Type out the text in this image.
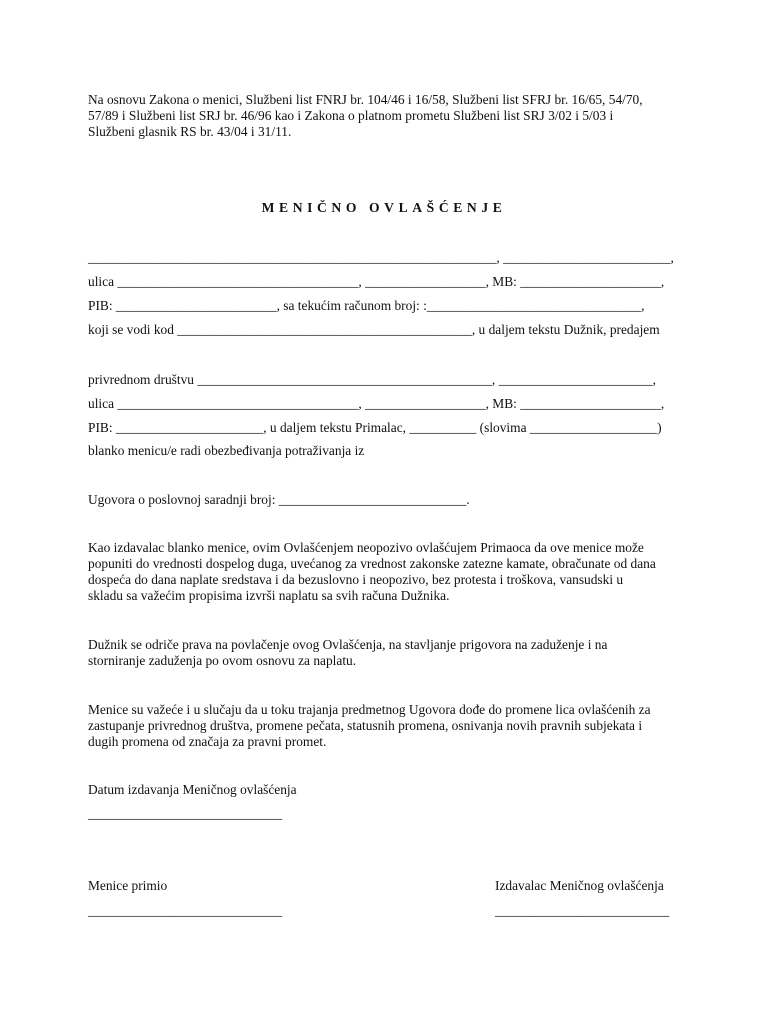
Na osnovu Zakona o menici, Službeni list FNRJ br. 104/46 i 16/58, Službeni list SFRJ br. 16/65, 54/70,
57/89 i Službeni list SRJ br. 46/96 kao i Zakona o platnom prometu Službeni list SRJ 3/02 i 5/03 i
Službeni glasnik RS br. 43/04 i 31/11.
MENIČNO OVLAŠĆENJE
_____________________________________________________________, _________________________,
ulica ____________________________________, __________________, MB: _____________________,
PIB: ________________________, sa tekućim računom broj: :________________________________,
koji se vodi kod ____________________________________________, u daljem tekstu Dužnik, predajem
privrednom društvu ____________________________________________, _______________________,
ulica ____________________________________, __________________, MB: _____________________,
PIB: ______________________, u daljem tekstu Primalac, __________ (slovima ___________________)
blanko menicu/e radi obezbeđivanja potraživanja iz
Ugovora o poslovnoj saradnji broj: ____________________________.
Kao izdavalac blanko menice, ovim Ovlašćenjem neopozivo ovlašćujem Primaoca da ove menice može
popuniti do vrednosti dospelog duga, uvećanog za vrednost zakonske zatezne kamate, obračunate od dana
dospeća do dana naplate sredstava i da bezuslovno i neopozivo, bez protesta i troškova, vansudski u
skladu sa važećim propisima izvrši naplatu sa svih računa Dužnika.
Dužnik se odriče prava na povlačenje ovog Ovlašćenja, na stavljanje prigovora na zaduženje i na
storniranje zaduženja po ovom osnovu za naplatu.
Menice su važeće i u slučaju da u toku trajanja predmetnog Ugovora dođe do promene lica ovlašćenih za
zastupanje privrednog društva, promene pečata, statusnih promena, osnivanja novih pravnih subjekata i
dugih promena od značaja za pravni promet.
Datum izdavanja Meničnog ovlašćenja
_____________________________
Menice primio
_____________________________
Izdavalac Meničnog ovlašćenja
__________________________
